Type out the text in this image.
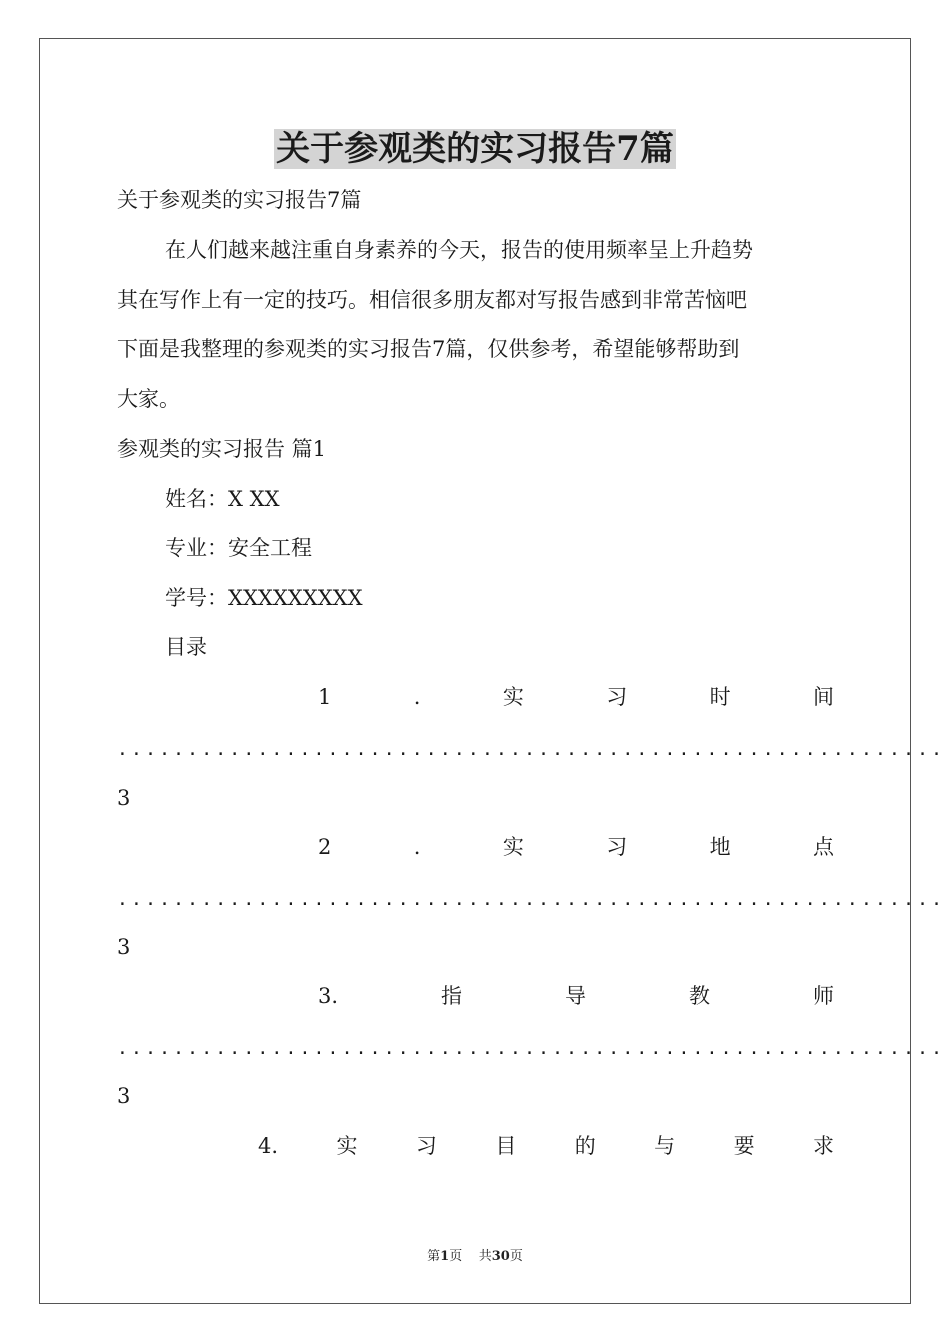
关于参观类的实习报告7篇
关于参观类的实习报告7篇
在人们越来越注重自身素养的今天，报告的使用频率呈上升趋势
其在写作上有一定的技巧。相信很多朋友都对写报告感到非常苦恼吧
下面是我整理的参观类的实习报告7篇，仅供参考，希望能够帮助到
大家。
参观类的实习报告 篇1
姓名：X XX
专业：安全工程
学号：XXXXXXXXX
目录
1	.	实	习	时	间
...........................................................
3
2	.	实	习	地	点
...........................................................
3
3.	指	导	教	师
...........................................................
3
4.	实	习	目	的	与	要	求
第1页 共30页
